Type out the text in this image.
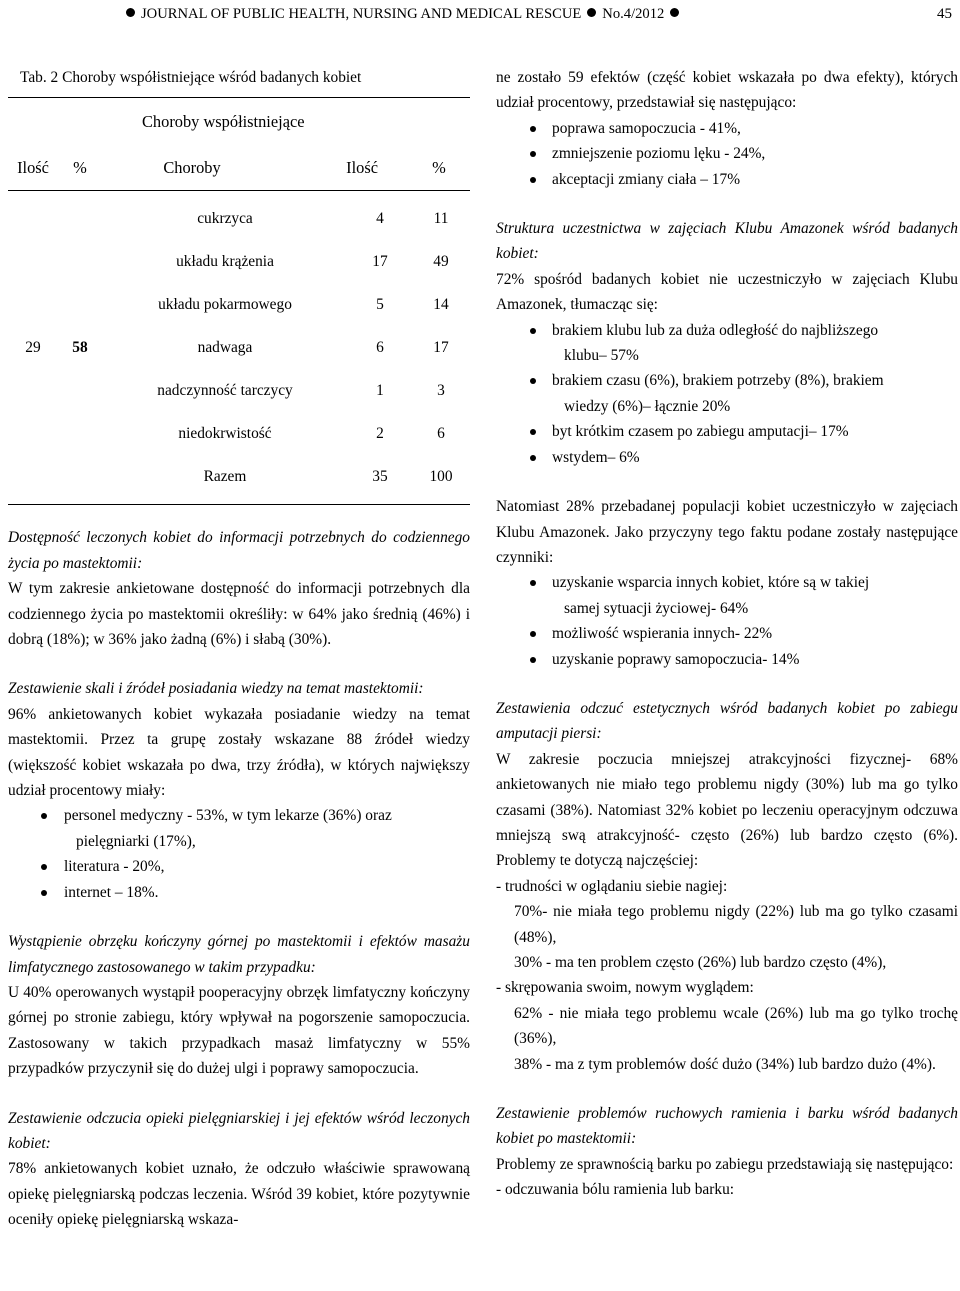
JOURNAL OF PUBLIC HEALTH, NURSING AND MEDICAL RESCUE No.4/2012	45

Tab. 2 Choroby współistniejące wśród badanych kobiet

		Choroby współistniejące		
Ilość	%	Choroby	Ilość	%
29	58	cukrzyca	4	11
		układu krążenia	17	49
		układu pokarmowego	5	14
		nadwaga	6	17
		nadczynność tarczycy	1	3
		niedokrwistość	2	6
		Razem	35	100

Dostępność leczonych kobiet do informacji potrzebnych do codziennego życia po mastektomii:

W tym zakresie ankietowane dostępność do informacji potrzebnych dla codziennego życia po mastektomii określiły: w 64% jako średnią (46%) i dobrą (18%); w 36% jako żadną (6%) i słabą (30%).

Zestawienie skali i źródeł posiadania wiedzy na temat mastektomii:

96% ankietowanych kobiet wykazała posiadanie wiedzy na temat mastektomii. Przez ta grupę zostały wskazane 88 źródeł wiedzy (większość kobiet wskazała po dwa, trzy źródła), w których największy udział procentowy miały:

personel medyczny - 53%, w tym lekarze (36%) oraz
pielęgniarki (17%),
literatura - 20%,
internet – 18%.

Wystąpienie obrzęku kończyny górnej po mastektomii i efektów masażu limfatycznego zastosowanego w takim przypadku:

U 40% operowanych wystąpił pooperacyjny obrzęk limfatyczny kończyny górnej po stronie zabiegu, który wpływał na pogorszenie samopoczucia. Zastosowany w takich przypadkach masaż limfatyczny w 55% przypadków przyczynił się do dużej ulgi i poprawy samopoczucia.

Zestawienie odczucia opieki pielęgniarskiej i jej efektów wśród leczonych kobiet:

78% ankietowanych kobiet uznało, że odczuło właściwie sprawowaną opiekę pielęgniarską podczas leczenia. Wśród 39 kobiet, które pozytywnie oceniły opiekę pielęgniarską wskaza-

ne zostało 59 efektów (część kobiet wskazała po dwa efekty), których udział procentowy, przedstawiał się następująco:

poprawa samopoczucia - 41%,
zmniejszenie poziomu lęku - 24%,
akceptacji zmiany ciała – 17%

Struktura uczestnictwa w zajęciach Klubu Amazonek wśród badanych kobiet:

72% spośród badanych kobiet nie uczestniczyło w zajęciach Klubu Amazonek, tłumacząc się:

brakiem klubu lub za duża odległość do najbliższego
klubu– 57%
brakiem czasu (6%), brakiem potrzeby (8%), brakiem
wiedzy (6%)– łącznie 20%
byt krótkim czasem po zabiegu amputacji– 17%
wstydem– 6%

Natomiast 28% przebadanej populacji kobiet uczestniczyło w zajęciach Klubu Amazonek. Jako przyczyny tego faktu podane zostały następujące czynniki:

uzyskanie wsparcia innych kobiet, które są w takiej
samej sytuacji życiowej- 64%
możliwość wspierania innych- 22%
uzyskanie poprawy samopoczucia- 14%

Zestawienia odczuć estetycznych wśród badanych kobiet po zabiegu amputacji piersi:

W zakresie poczucia mniejszej atrakcyjności fizycznej- 68% ankietowanych nie miało tego problemu nigdy (30%) lub ma go tylko czasami (38%). Natomiast 32% kobiet po leczeniu operacyjnym odczuwa mniejszą swą atrakcyjność- często (26%) lub bardzo często (6%). Problemy te dotyczą najczęściej:

- trudności w oglądaniu siebie nagiej:

70%- nie miała tego problemu nigdy (22%) lub ma go tylko czasami (48%),

30% - ma ten problem często (26%) lub bardzo często (4%),

- skrępowania swoim, nowym wyglądem:

62% - nie miała tego problemu wcale (26%) lub ma go tylko trochę (36%),

38% - ma z tym problemów dość dużo (34%) lub bardzo dużo (4%).

Zestawienie problemów ruchowych ramienia i barku wśród badanych kobiet po mastektomii:

Problemy ze sprawnością barku po zabiegu przedstawiają się następująco:

- odczuwania bólu ramienia lub barku:
